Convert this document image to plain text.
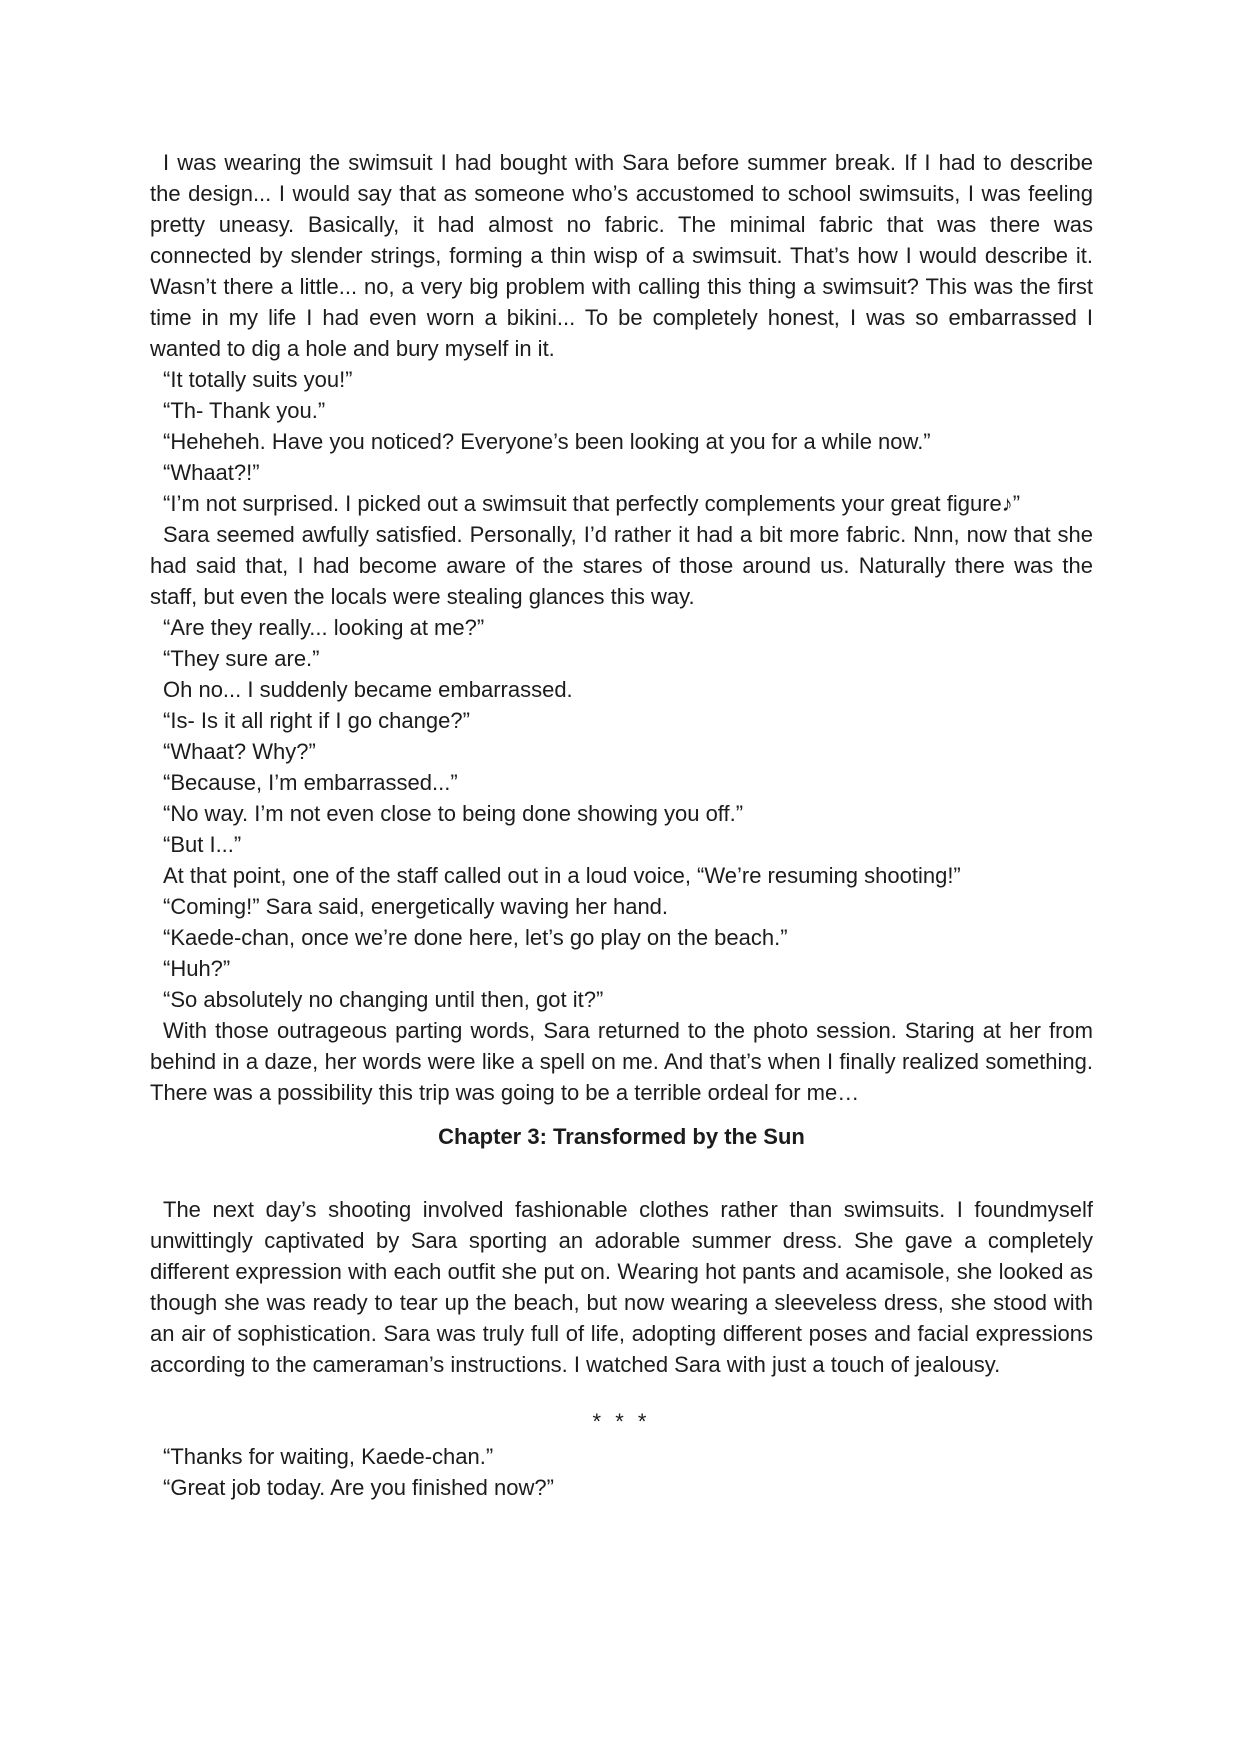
I was wearing the swimsuit I had bought with Sara before summer break. If I had to describe the design... I would say that as someone who’s accustomed to school swimsuits, I was feeling pretty uneasy. Basically, it had almost no fabric. The minimal fabric that was there was connected by slender strings, forming a thin wisp of a swimsuit. That’s how I would describe it. Wasn’t there a little... no, a very big problem with calling this thing a swimsuit? This was the first time in my life I had even worn a bikini... To be completely honest, I was so embarrassed I wanted to dig a hole and bury myself in it.

“It totally suits you!”

“Th- Thank you.”

“Heheheh. Have you noticed? Everyone’s been looking at you for a while now.”

“Whaat?!”

“I’m not surprised. I picked out a swimsuit that perfectly complements your great figure♪”

Sara seemed awfully satisfied. Personally, I’d rather it had a bit more fabric. Nnn, now that she had said that, I had become aware of the stares of those around us. Naturally there was the staff, but even the locals were stealing glances this way.

“Are they really... looking at me?”

“They sure are.”

Oh no... I suddenly became embarrassed.

“Is- Is it all right if I go change?”

“Whaat? Why?”

“Because, I’m embarrassed...”

“No way. I’m not even close to being done showing you off.”

“But I...”

At that point, one of the staff called out in a loud voice, “We’re resuming shooting!”

“Coming!” Sara said, energetically waving her hand.

“Kaede-chan, once we’re done here, let’s go play on the beach.”

“Huh?”

“So absolutely no changing until then, got it?”

With those outrageous parting words, Sara returned to the photo session. Staring at her from behind in a daze, her words were like a spell on me. And that’s when I finally realized something. There was a possibility this trip was going to be a terrible ordeal for me…

Chapter 3: Transformed by the Sun

The next day’s shooting involved fashionable clothes rather than swimsuits. I foundmyself unwittingly captivated by Sara sporting an adorable summer dress. She gave a completely different expression with each outfit she put on. Wearing hot pants and acamisole, she looked as though she was ready to tear up the beach, but now wearing a sleeveless dress, she stood with an air of sophistication. Sara was truly full of life, adopting different poses and facial expressions according to the cameraman’s instructions. I watched Sara with just a touch of jealousy.

* * *

“Thanks for waiting, Kaede-chan.”

“Great job today. Are you finished now?”
